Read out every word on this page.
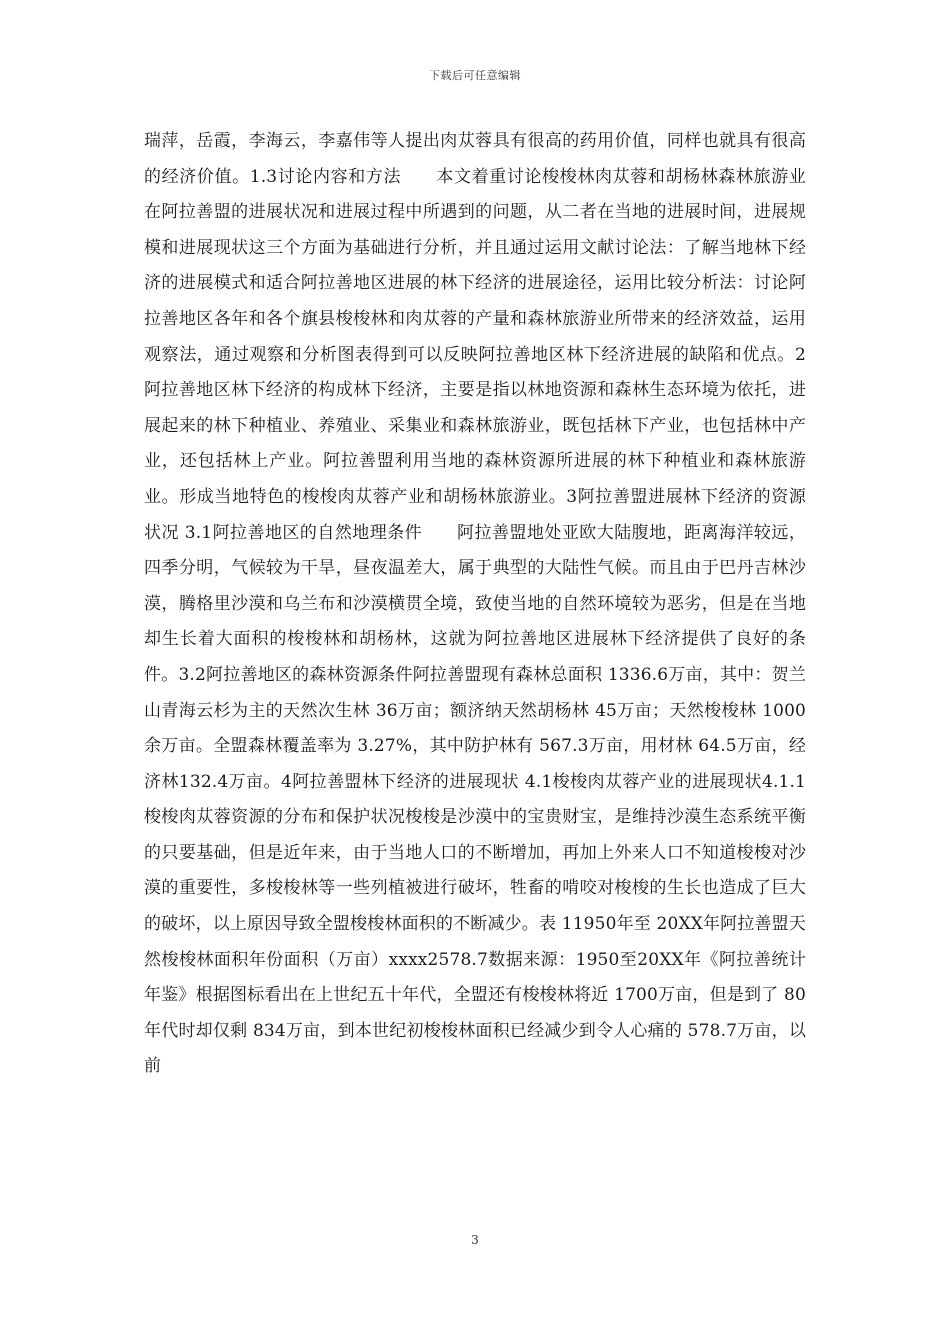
下载后可任意编辑
瑞萍，岳霞，李海云，李嘉伟等人提出肉苁蓉具有很高的药用价值，同样也就具有很高的经济价值。1.3讨论内容和方法　　本文着重讨论梭梭林肉苁蓉和胡杨林森林旅游业在阿拉善盟的进展状况和进展过程中所遇到的问题，从二者在当地的进展时间，进展规模和进展现状这三个方面为基础进行分析，并且通过运用文献讨论法：了解当地林下经济的进展模式和适合阿拉善地区进展的林下经济的进展途径，运用比较分析法：讨论阿拉善地区各年和各个旗县梭梭林和肉苁蓉的产量和森林旅游业所带来的经济效益，运用观察法，通过观察和分析图表得到可以反映阿拉善地区林下经济进展的缺陷和优点。2阿拉善地区林下经济的构成林下经济，主要是指以林地资源和森林生态环境为依托，进展起来的林下种植业、养殖业、采集业和森林旅游业，既包括林下产业，也包括林中产业，还包括林上产业。阿拉善盟利用当地的森林资源所进展的林下种植业和森林旅游业。形成当地特色的梭梭肉苁蓉产业和胡杨林旅游业。3阿拉善盟进展林下经济的资源状况 3.1阿拉善地区的自然地理条件　　阿拉善盟地处亚欧大陆腹地，距离海洋较远，四季分明，气候较为干旱，昼夜温差大，属于典型的大陆性气候。而且由于巴丹吉林沙漠，腾格里沙漠和乌兰布和沙漠横贯全境，致使当地的自然环境较为恶劣，但是在当地却生长着大面积的梭梭林和胡杨林，这就为阿拉善地区进展林下经济提供了良好的条件。3.2阿拉善地区的森林资源条件阿拉善盟现有森林总面积 1336.6万亩，其中：贺兰山青海云杉为主的天然次生林 36万亩；额济纳天然胡杨林 45万亩；天然梭梭林 1000余万亩。全盟森林覆盖率为 3.27%，其中防护林有 567.3万亩，用材林 64.5万亩，经济林132.4万亩。4阿拉善盟林下经济的进展现状 4.1梭梭肉苁蓉产业的进展现状4.1.1梭梭肉苁蓉资源的分布和保护状况梭梭是沙漠中的宝贵财宝，是维持沙漠生态系统平衡的只要基础，但是近年来，由于当地人口的不断增加，再加上外来人口不知道梭梭对沙漠的重要性，多梭梭林等一些列植被进行破坏，牲畜的啃咬对梭梭的生长也造成了巨大的破坏，以上原因导致全盟梭梭林面积的不断减少。表 11950年至 20XX年阿拉善盟天然梭梭林面积年份面积（万亩）xxxx2578.7数据来源：1950至20XX年《阿拉善统计年鉴》根据图标看出在上世纪五十年代，全盟还有梭梭林将近 1700万亩，但是到了 80年代时却仅剩 834万亩，到本世纪初梭梭林面积已经减少到令人心痛的 578.7万亩，以前
3
